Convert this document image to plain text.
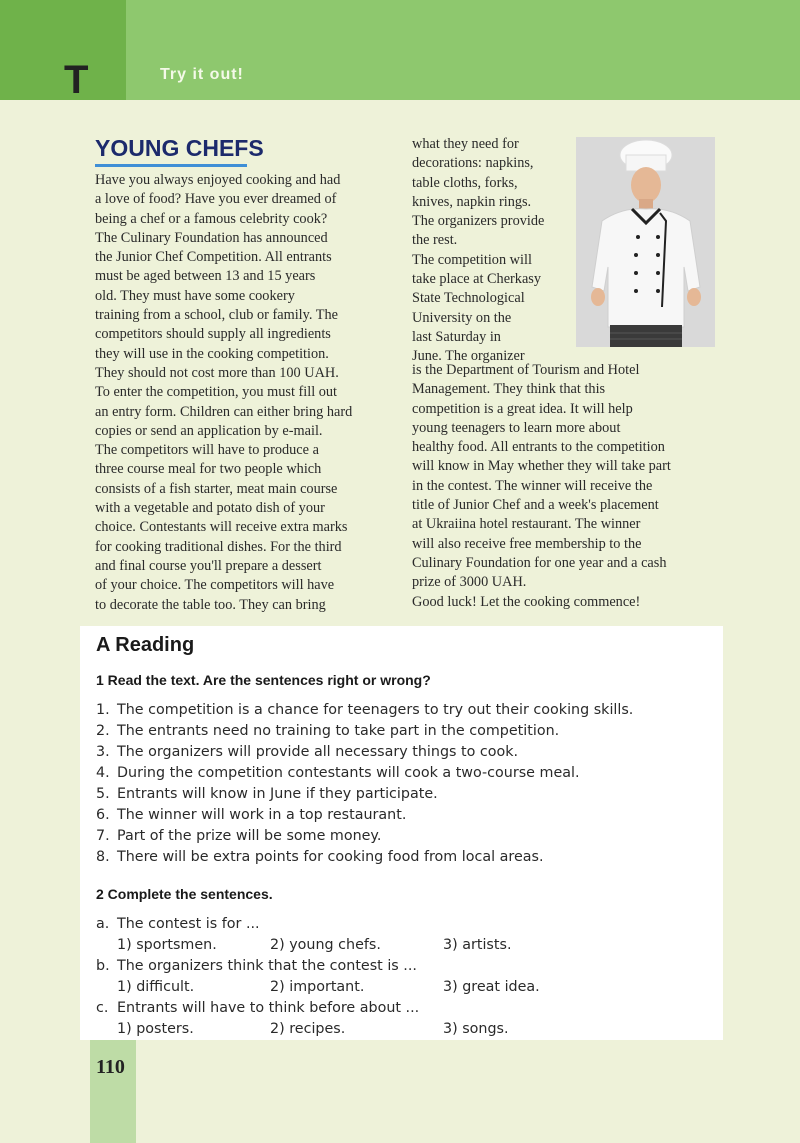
T	Try it out!
YOUNG CHEFS

Have you always enjoyed cooking and had

a love of food? Have you ever dreamed of

being a chef or a famous celebrity cook?

The Culinary Foundation has announced

the Junior Chef Competition. All entrants

must be aged between 13 and 15 years

old. They must have some cookery

training from a school, club or family. The

competitors should supply all ingredients

they will use in the cooking competition.

They should not cost more than 100 UAH.

To enter the competition, you must fill out

an entry form. Children can either bring hard

copies or send an application by e-mail.

The competitors will have to produce a

three course meal for two people which

consists of a fish starter, meat main course

with a vegetable and potato dish of your

choice. Contestants will receive extra marks

for cooking traditional dishes. For the third

and final course you'll prepare a dessert

of your choice. The competitors will have

to decorate the table too. They can bring

what they need for

decorations: napkins,

table cloths, forks,

knives, napkin rings.

The organizers provide

the rest.

The competition will

take place at Cherkasy

State Technological

University on the

last Saturday in

June. The organizer

is the Department of Tourism and Hotel

Management. They think that this

competition is a great idea. It will help

young teenagers to learn more about

healthy food. All entrants to the competition

will know in May whether they will take part

in the contest. The winner will receive the

title of Junior Chef and a week's placement

at Ukraiina hotel restaurant. The winner

will also receive free membership to the

Culinary Foundation for one year and a cash

prize of 3000 UAH.

Good luck! Let the cooking commence!

A Reading
1 Read the text. Are the sentences right or wrong?
1. The competition is a chance for teenagers to try out their cooking skills.
2. The entrants need no training to take part in the competition.
3. The organizers will provide all necessary things to cook.
4. During the competition contestants will cook a two-course meal.
5. Entrants will know in June if they participate.
6. The winner will work in a top restaurant.
7. Part of the prize will be some money.
8. There will be extra points for cooking food from local areas.
2 Complete the sentences.
a. The contest is for ...
1) sportsmen.	2) young chefs.	3) artists.
b. The organizers think that the contest is ...
1) difficult.	2) important.	3) great idea.
c. Entrants will have to think before about ...
1) posters.	2) recipes.	3) songs.
110
